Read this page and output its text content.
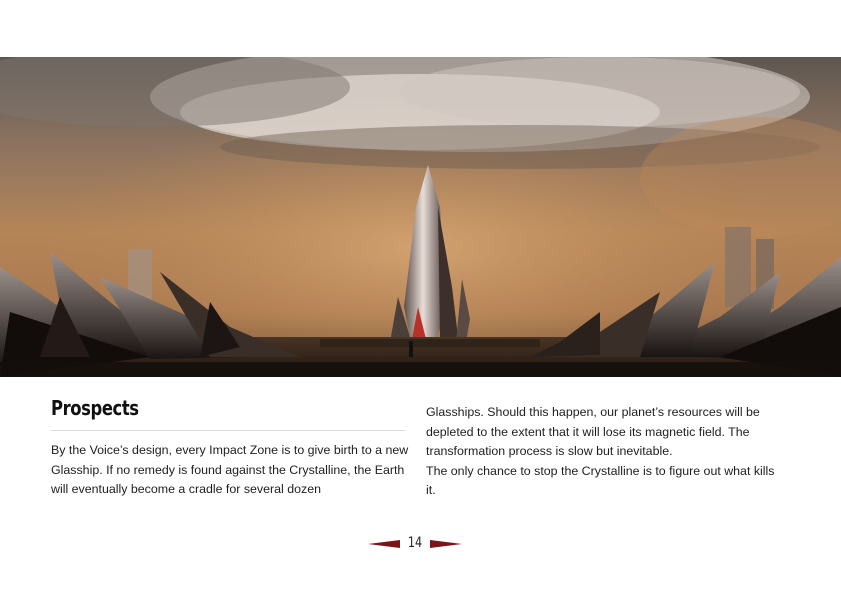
Prospects

By the Voice’s design, every Impact Zone is to give birth to a new Glasship. If no remedy is found against the Crystalline, the Earth will eventually become a cradle for several dozen

Glasships. Should this happen, our planet’s resources will be depleted to the extent that it will lose its magnetic field. The transformation process is slow but inevitable.

The only chance to stop the Crystalline is to figure out what kills it.

14
